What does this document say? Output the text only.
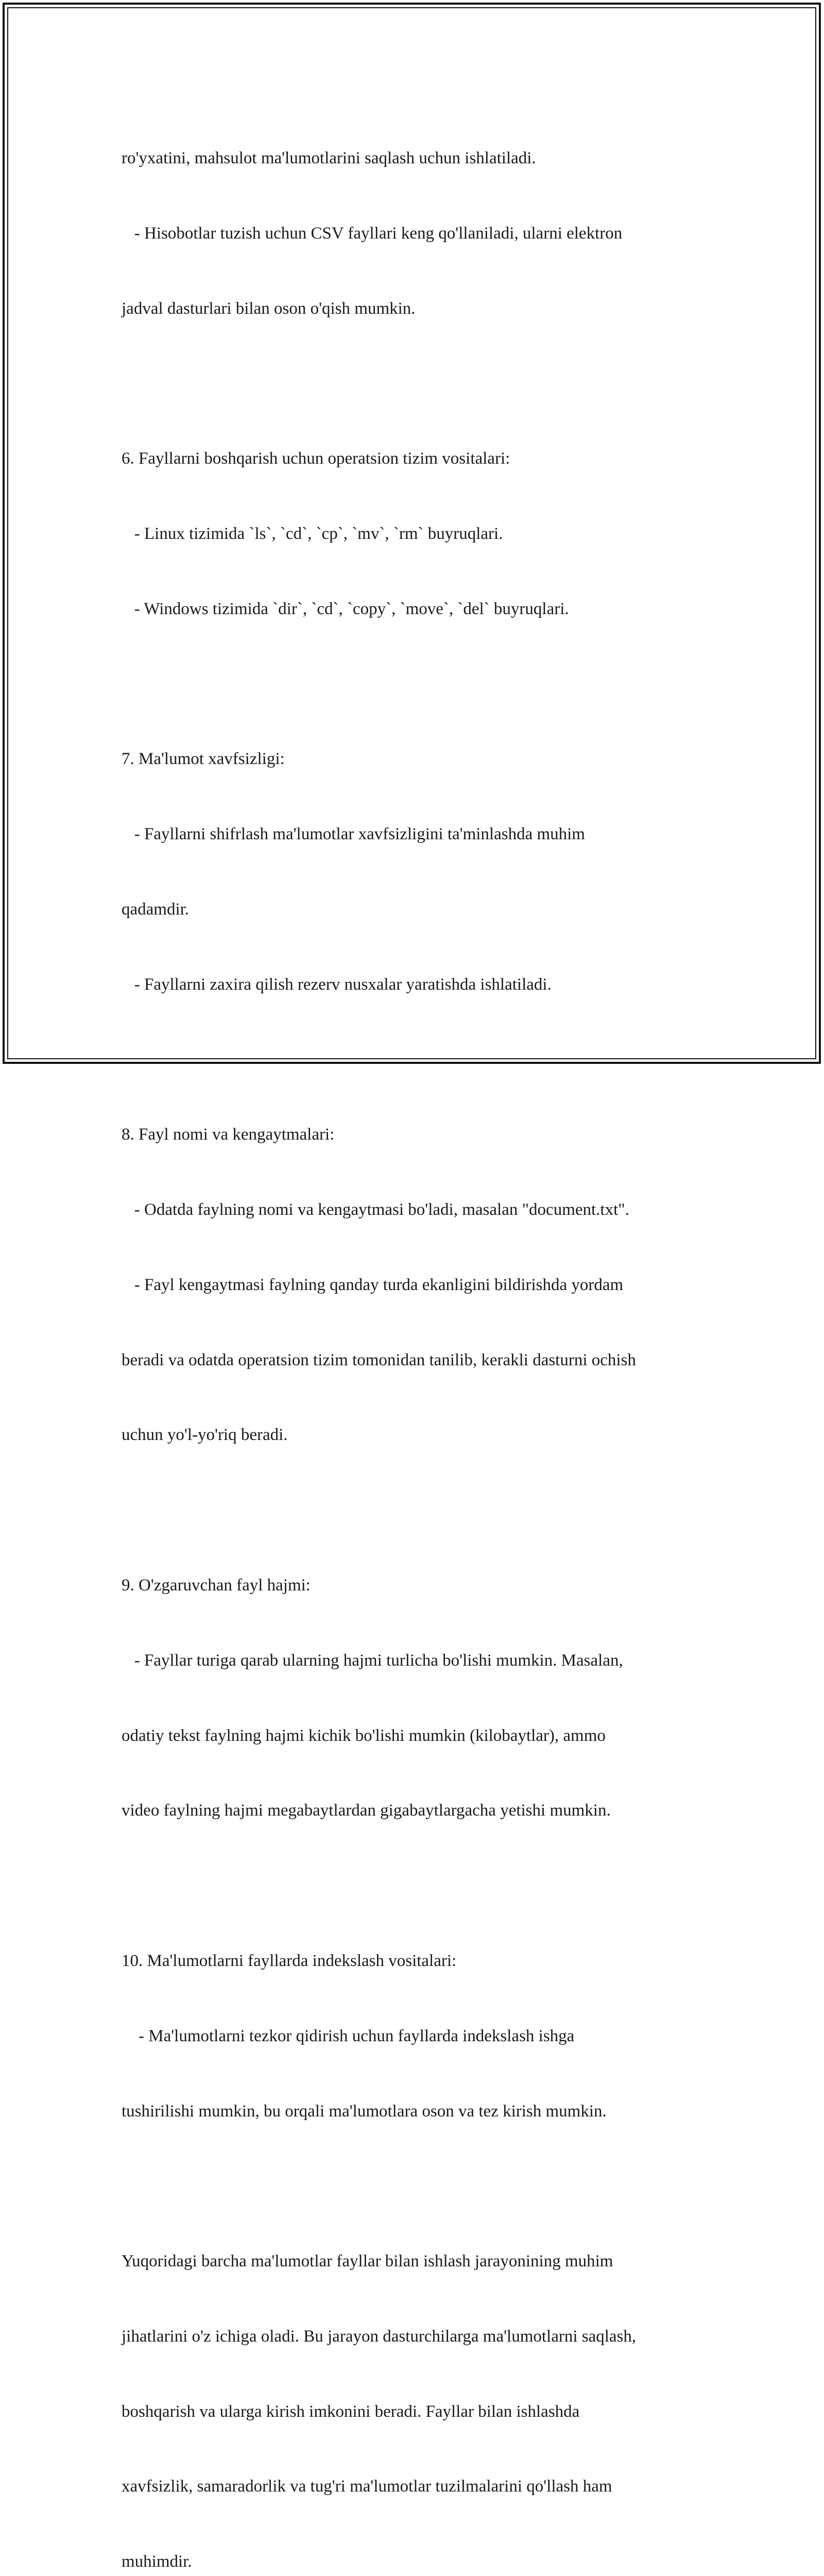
ro'yxatini, mahsulot ma'lumotlarini saqlash uchun ishlatiladi.

- Hisobotlar tuzish uchun CSV fayllari keng qo'llaniladi, ularni elektron

jadval dasturlari bilan oson o'qish mumkin.

6. Fayllarni boshqarish uchun operatsion tizim vositalari:

- Linux tizimida `ls`, `cd`, `cp`, `mv`, `rm` buyruqlari.

- Windows tizimida `dir`, `cd`, `copy`, `move`, `del` buyruqlari.

7. Ma'lumot xavfsizligi:

- Fayllarni shifrlash ma'lumotlar xavfsizligini ta'minlashda muhim

qadamdir.

- Fayllarni zaxira qilish rezerv nusxalar yaratishda ishlatiladi.

8. Fayl nomi va kengaytmalari:

- Odatda faylning nomi va kengaytmasi bo'ladi, masalan "document.txt".

- Fayl kengaytmasi faylning qanday turda ekanligini bildirishda yordam

beradi va odatda operatsion tizim tomonidan tanilib, kerakli dasturni ochish

uchun yo'l-yo'riq beradi.

9. O'zgaruvchan fayl hajmi:

- Fayllar turiga qarab ularning hajmi turlicha bo'lishi mumkin. Masalan,

odatiy tekst faylning hajmi kichik bo'lishi mumkin (kilobaytlar), ammo

video faylning hajmi megabaytlardan gigabaytlargacha yetishi mumkin.

10. Ma'lumotlarni fayllarda indekslash vositalari:

- Ma'lumotlarni tezkor qidirish uchun fayllarda indekslash ishga

tushirilishi mumkin, bu orqali ma'lumotlara oson va tez kirish mumkin.

Yuqoridagi barcha ma'lumotlar fayllar bilan ishlash jarayonining muhim

jihatlarini o'z ichiga oladi. Bu jarayon dasturchilarga ma'lumotlarni saqlash,

boshqarish va ularga kirish imkonini beradi. Fayllar bilan ishlashda

xavfsizlik, samaradorlik va tug'ri ma'lumotlar tuzilmalarini qo'llash ham

muhimdir.
